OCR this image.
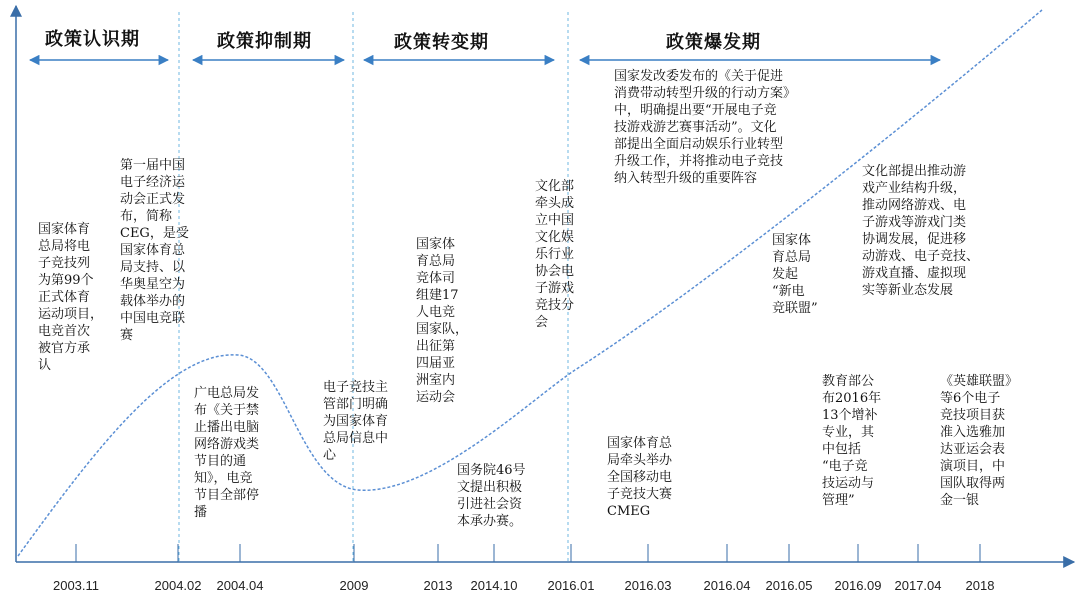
政策认识期	政策抑制期	政策转变期	政策爆发期
2003.11	2004.02 2004.04	2009	2013 2014.10 2016.01 2016.03 2016.04 2016.05 2016.09 2017.04 2018
国家体育
总局将电
子竞技列
为第99个
正式体育
运动项目，
电竞首次
被官方承
认
第一届中国
电子经济运
动会正式发
布，简称
CEG，是受
国家体育总
局支持、以
华奥星空为
载体举办的
中国电竞联
赛
广电总局发
布《关于禁
止播出电脑
网络游戏类
节目的通
知》，电竞
节目全部停
播
电子竞技主
管部门明确
为国家体育
总局信息中
心
国家体
育总局
竞体司
组建17
人电竞
国家队，
出征第
四届亚
洲室内
运动会
国务院46号
文提出积极
引进社会资
本承办赛。
文化部
牵头成
立中国
文化娱
乐行业
协会电
子游戏
竞技分
会
国家发改委发布的《关于促进
消费带动转型升级的行动方案》
中，明确提出要“开展电子竞
技游戏游艺赛事活动”。文化
部提出全面启动娱乐行业转型
升级工作，并将推动电子竞技
纳入转型升级的重要阵容
国家体育总
局牵头举办
全国移动电
子竞技大赛
CMEG
国家体
育总局
发起
“新电
竞联盟”
教育部公
布2016年
13个增补
专业，其
中包括
“电子竞
技运动与
管理”
文化部提出推动游
戏产业结构升级，
推动网络游戏、电
子游戏等游戏门类
协调发展，促进移
动游戏、电子竞技、
游戏直播、虚拟现
实等新业态发展
《英雄联盟》
等6个电子
竞技项目获
准入选雅加
达亚运会表
演项目，中
国队取得两
金一银
